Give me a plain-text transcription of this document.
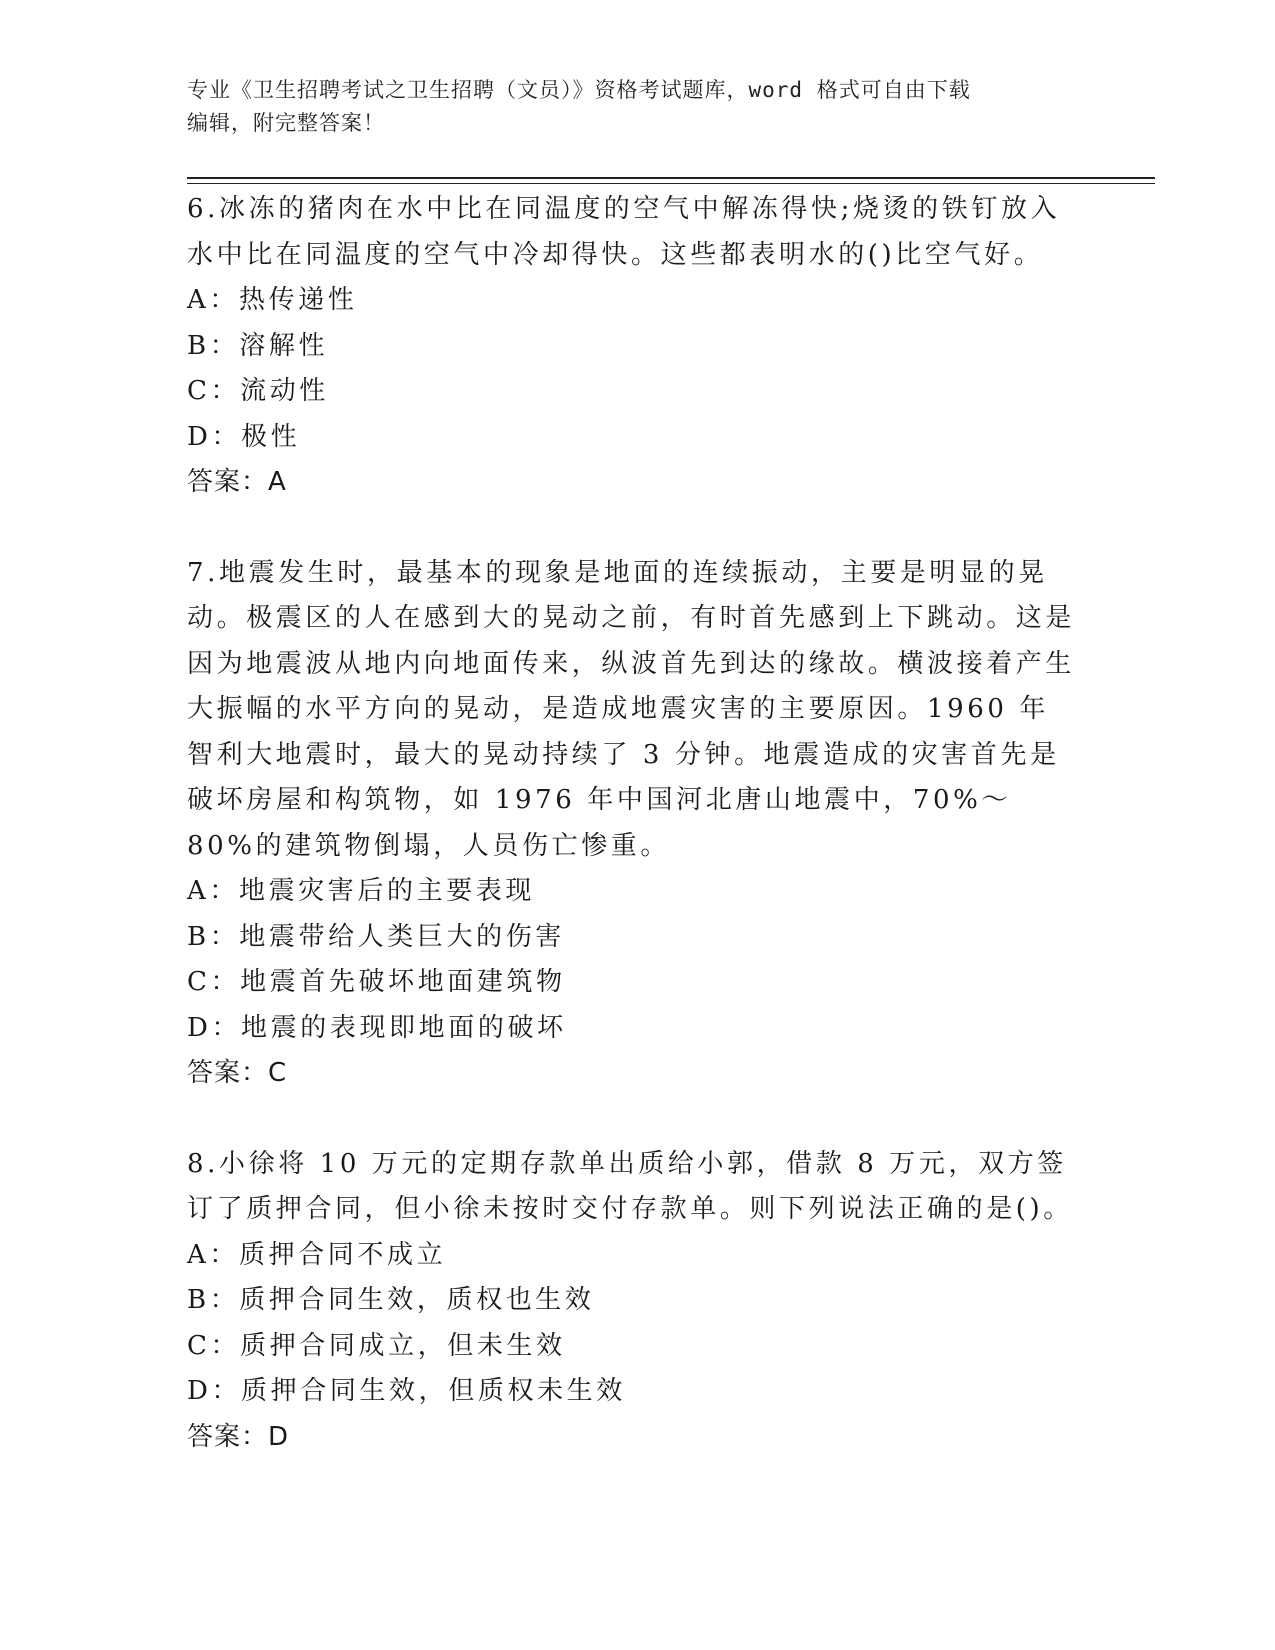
专业《卫生招聘考试之卫生招聘（文员）》资格考试题库，word 格式可自由下载
编辑，附完整答案！

6.冰冻的猪肉在水中比在同温度的空气中解冻得快;烧烫的铁钉放入水中比在同温度的空气中冷却得快。这些都表明水的()比空气好。

A：热传递性

B：溶解性

C：流动性

D：极性

答案：A

7.地震发生时，最基本的现象是地面的连续振动，主要是明显的晃动。极震区的人在感到大的晃动之前，有时首先感到上下跳动。这是因为地震波从地内向地面传来，纵波首先到达的缘故。横波接着产生大振幅的水平方向的晃动，是造成地震灾害的主要原因。1960 年智利大地震时，最大的晃动持续了 3 分钟。地震造成的灾害首先是破坏房屋和构筑物，如 1976 年中国河北唐山地震中，70%～80%的建筑物倒塌，人员伤亡惨重。

A：地震灾害后的主要表现

B：地震带给人类巨大的伤害

C：地震首先破坏地面建筑物

D：地震的表现即地面的破坏

答案：C

8.小徐将 10 万元的定期存款单出质给小郭，借款 8 万元，双方签订了质押合同，但小徐未按时交付存款单。则下列说法正确的是()。

A：质押合同不成立

B：质押合同生效，质权也生效

C：质押合同成立，但未生效

D：质押合同生效，但质权未生效

答案：D
